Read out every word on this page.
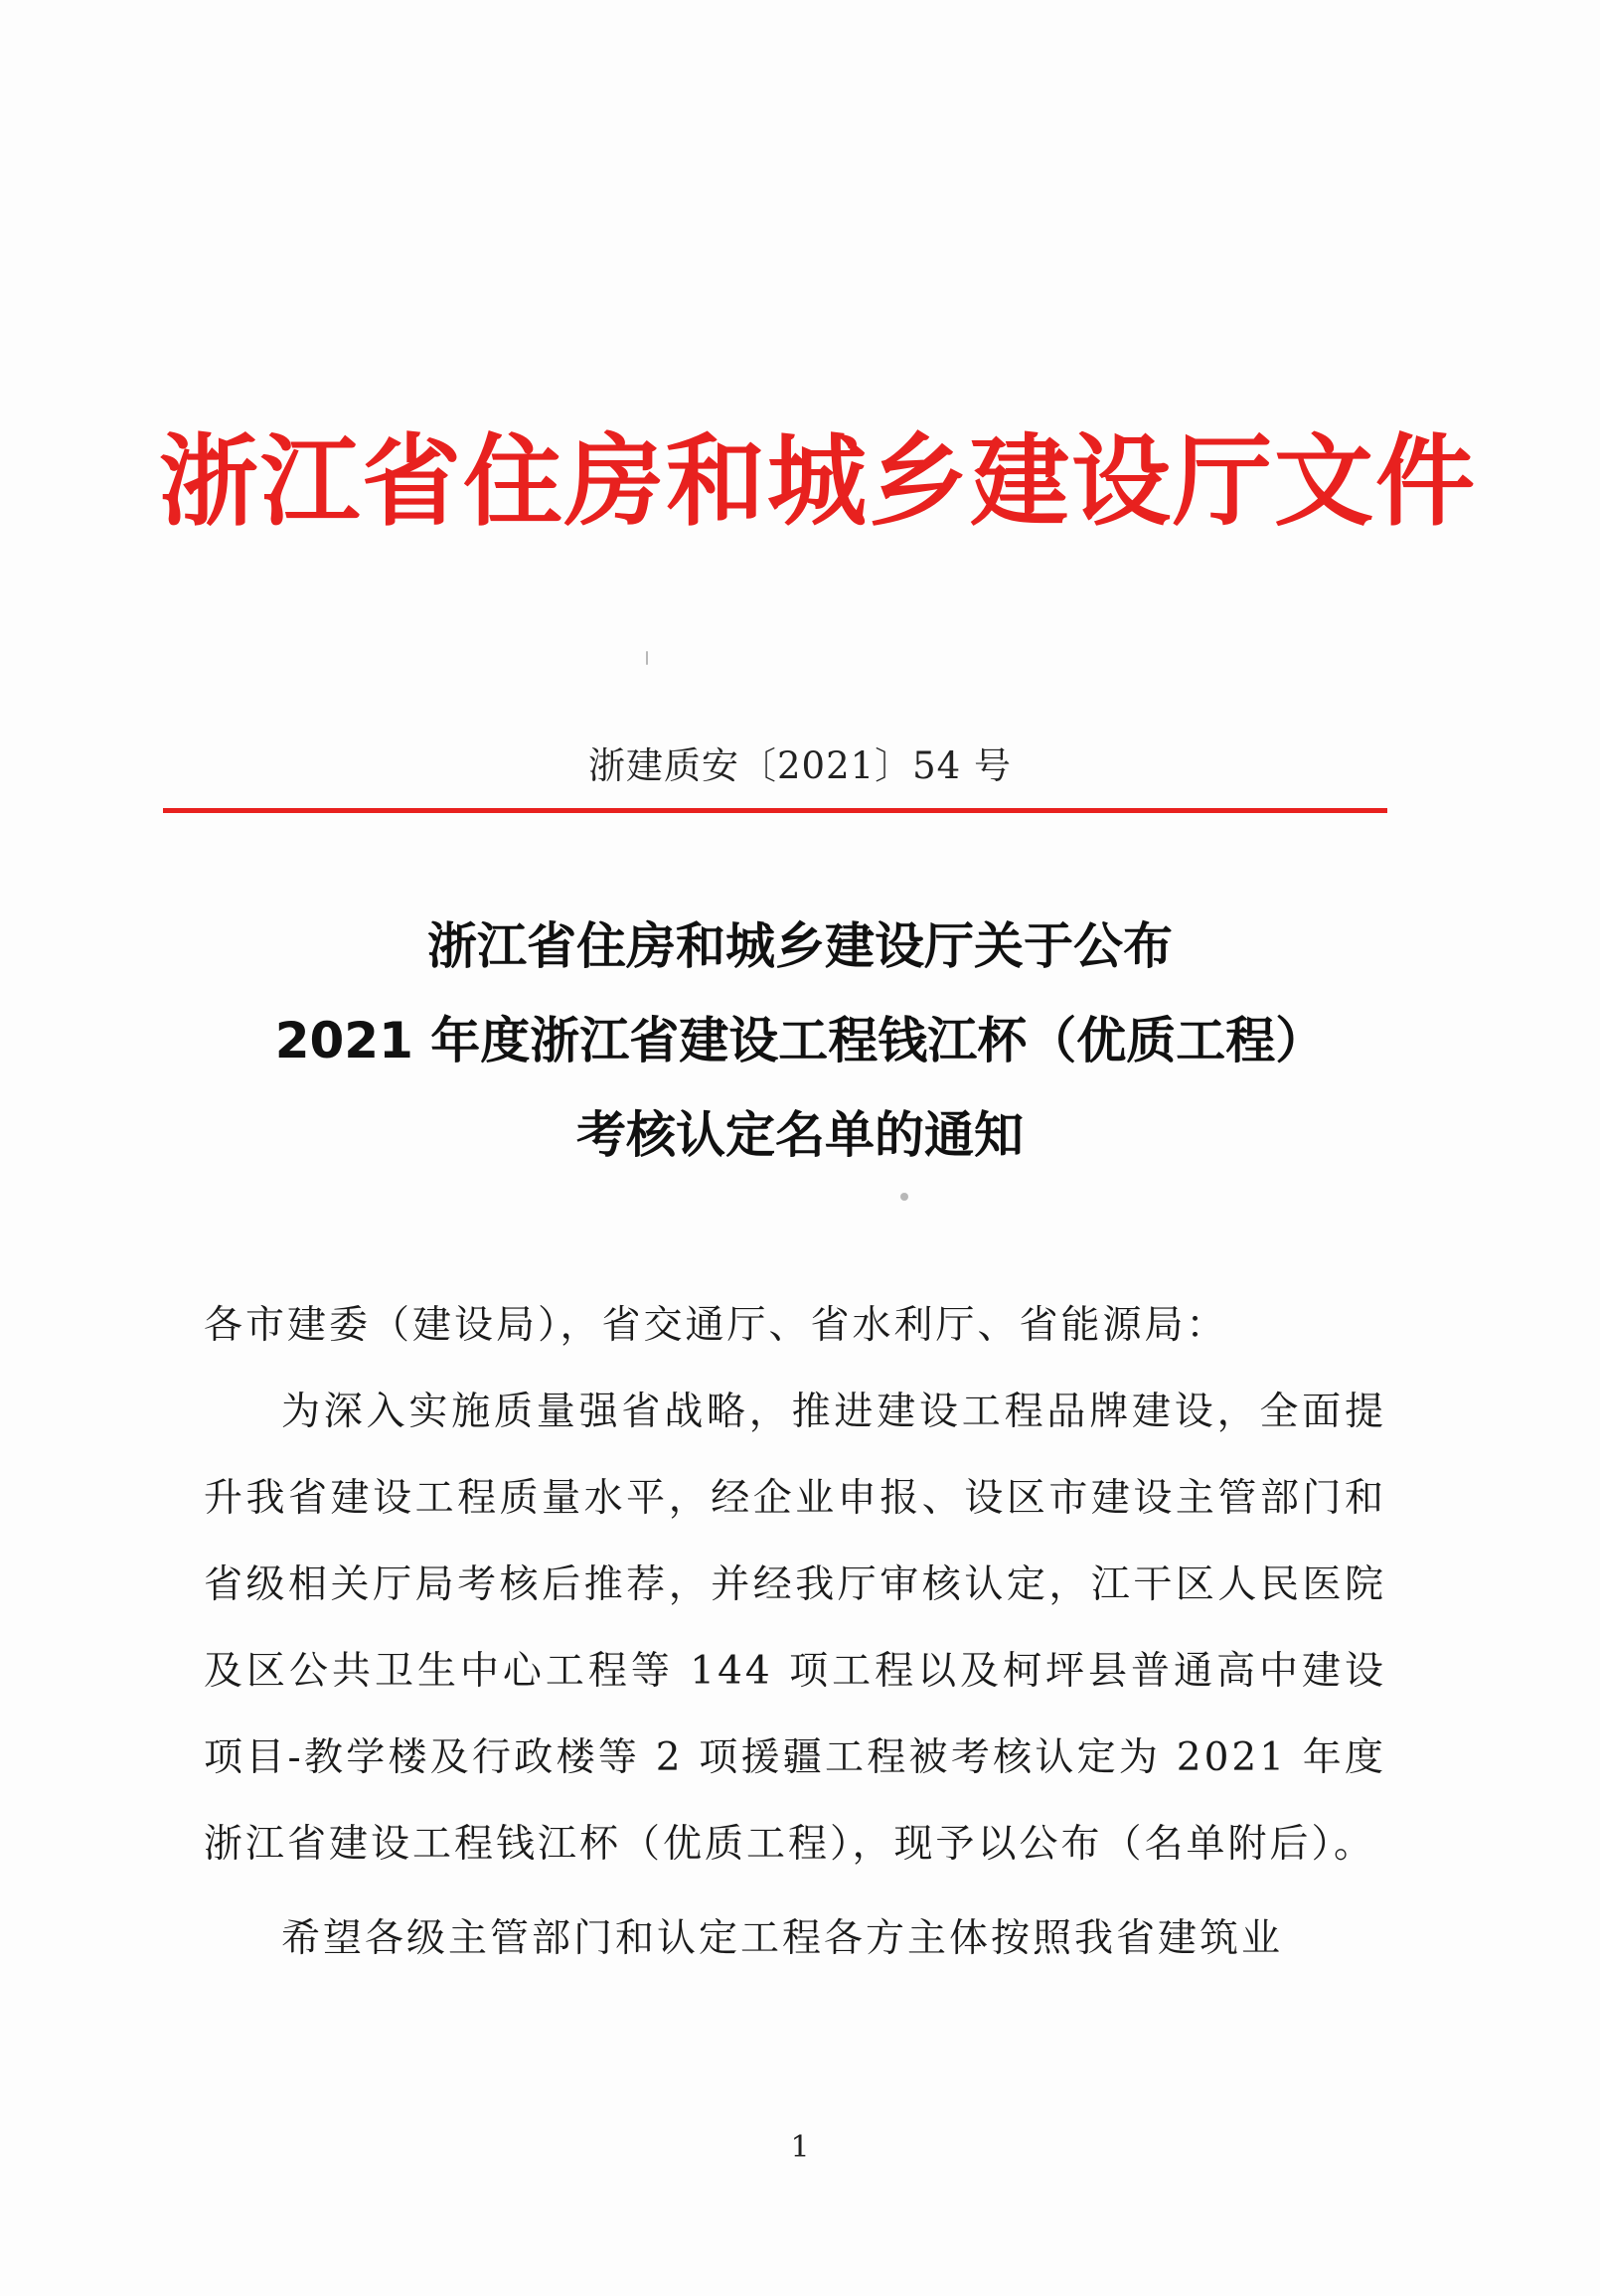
浙江省住房和城乡建设厅文件
浙建质安〔2021〕54 号
浙江省住房和城乡建设厅关于公布
2021 年度浙江省建设工程钱江杯（优质工程）
考核认定名单的通知

各市建委（建设局），省交通厅、省水利厅、省能源局：

为深入实施质量强省战略，推进建设工程品牌建设，全面提升我省建设工程质量水平，经企业申报、设区市建设主管部门和省级相关厅局考核后推荐，并经我厅审核认定，江干区人民医院及区公共卫生中心工程等 144 项工程以及柯坪县普通高中建设项目-教学楼及行政楼等 2 项援疆工程被考核认定为 2021 年度浙江省建设工程钱江杯（优质工程），现予以公布（名单附后）。

希望各级主管部门和认定工程各方主体按照我省建筑业

1
